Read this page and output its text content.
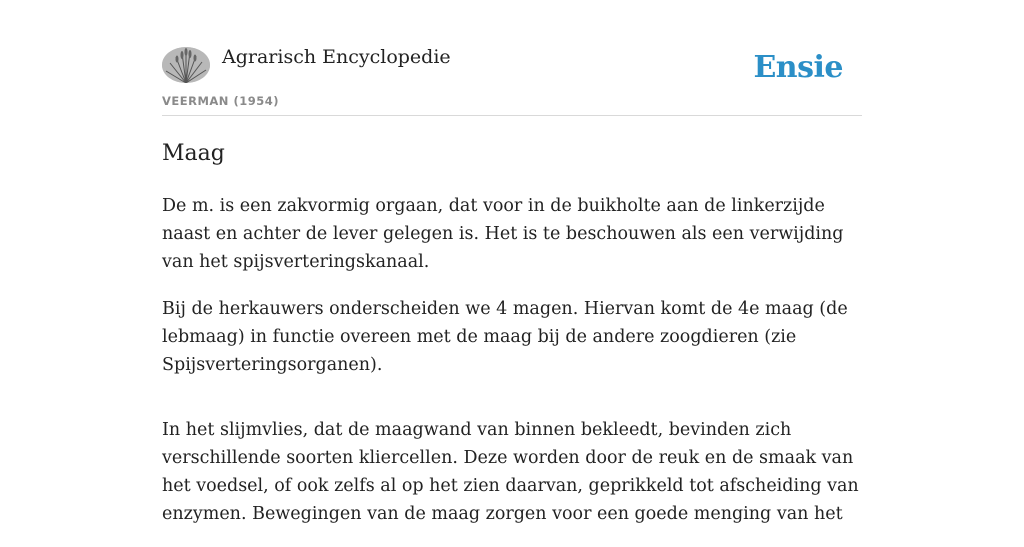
Agrarisch Encyclopedie
VEERMAN (1954)
Ensie
Maag

De m. is een zakvormig orgaan, dat voor in de buikholte aan de linkerzijde naast en achter de lever gelegen is. Het is te beschouwen als een verwijding van het spijsverteringskanaal.

Bij de herkauwers onderscheiden we 4 magen. Hiervan komt de 4e maag (de lebmaag) in functie overeen met de maag bij de andere zoogdieren (zie Spijsverteringsorganen).

In het slijmvlies, dat de maagwand van binnen bekleedt, bevinden zich verschillende soorten kliercellen. Deze worden door de reuk en de smaak van het voedsel, of ook zelfs al op het zien daarvan, geprikkeld tot afscheiding van enzymen. Bewegingen van de maag zorgen voor een goede menging van het
